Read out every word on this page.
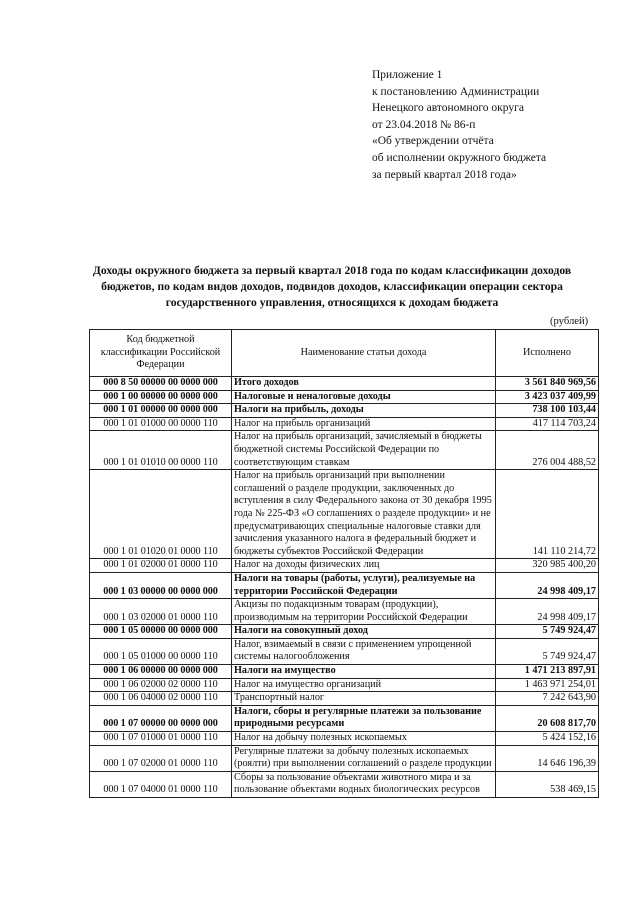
Приложение 1
к постановлению Администрации
Ненецкого автономного округа
от 23.04.2018 № 86-п
«Об утверждении отчёта
об исполнении окружного бюджета
за первый квартал 2018 года»
Доходы окружного бюджета за первый квартал 2018 года по кодам классификации доходов бюджетов, по кодам видов доходов, подвидов доходов, классификации операции сектора государственного управления, относящихся к доходам бюджета
(рублей)
Код бюджетной классификации Российской Федерации	Наименование статьи дохода	Исполнено
000 8 50 00000 00 0000 000	Итого доходов	3 561 840 969,56
000 1 00 00000 00 0000 000	Налоговые и неналоговые доходы	3 423 037 409,99
000 1 01 00000 00 0000 000	Налоги на прибыль, доходы	738 100 103,44
000 1 01 01000 00 0000 110	Налог на прибыль организаций	417 114 703,24
000 1 01 01010 00 0000 110	Налог на прибыль организаций, зачисляемый в бюджеты бюджетной системы Российской Федерации по соответствующим ставкам	276 004 488,52
000 1 01 01020 01 0000 110	Налог на прибыль организаций при выполнении соглашений о разделе продукции, заключенных до вступления в силу Федерального закона от 30 декабря 1995 года № 225-ФЗ «О соглашениях о разделе продукции» и не предусматривающих специальные налоговые ставки для зачисления указанного налога в федеральный бюджет и бюджеты субъектов Российской Федерации	141 110 214,72
000 1 01 02000 01 0000 110	Налог на доходы физических лиц	320 985 400,20
000 1 03 00000 00 0000 000	Налоги на товары (работы, услуги), реализуемые на территории Российской Федерации	24 998 409,17
000 1 03 02000 01 0000 110	Акцизы по подакцизным товарам (продукции), производимым на территории Российской Федерации	24 998 409,17
000 1 05 00000 00 0000 000	Налоги на совокупный доход	5 749 924,47
000 1 05 01000 00 0000 110	Налог, взимаемый в связи с применением упрощенной системы налогообложения	5 749 924,47
000 1 06 00000 00 0000 000	Налоги на имущество	1 471 213 897,91
000 1 06 02000 02 0000 110	Налог на имущество организаций	1 463 971 254,01
000 1 06 04000 02 0000 110	Транспортный налог	7 242 643,90
000 1 07 00000 00 0000 000	Налоги, сборы и регулярные платежи за пользование природными ресурсами	20 608 817,70
000 1 07 01000 01 0000 110	Налог на добычу полезных ископаемых	5 424 152,16
000 1 07 02000 01 0000 110	Регулярные платежи за добычу полезных ископаемых (роялти) при выполнении соглашений о разделе продукции	14 646 196,39
000 1 07 04000 01 0000 110	Сборы за пользование объектами животного мира и за пользование объектами водных биологических ресурсов	538 469,15
